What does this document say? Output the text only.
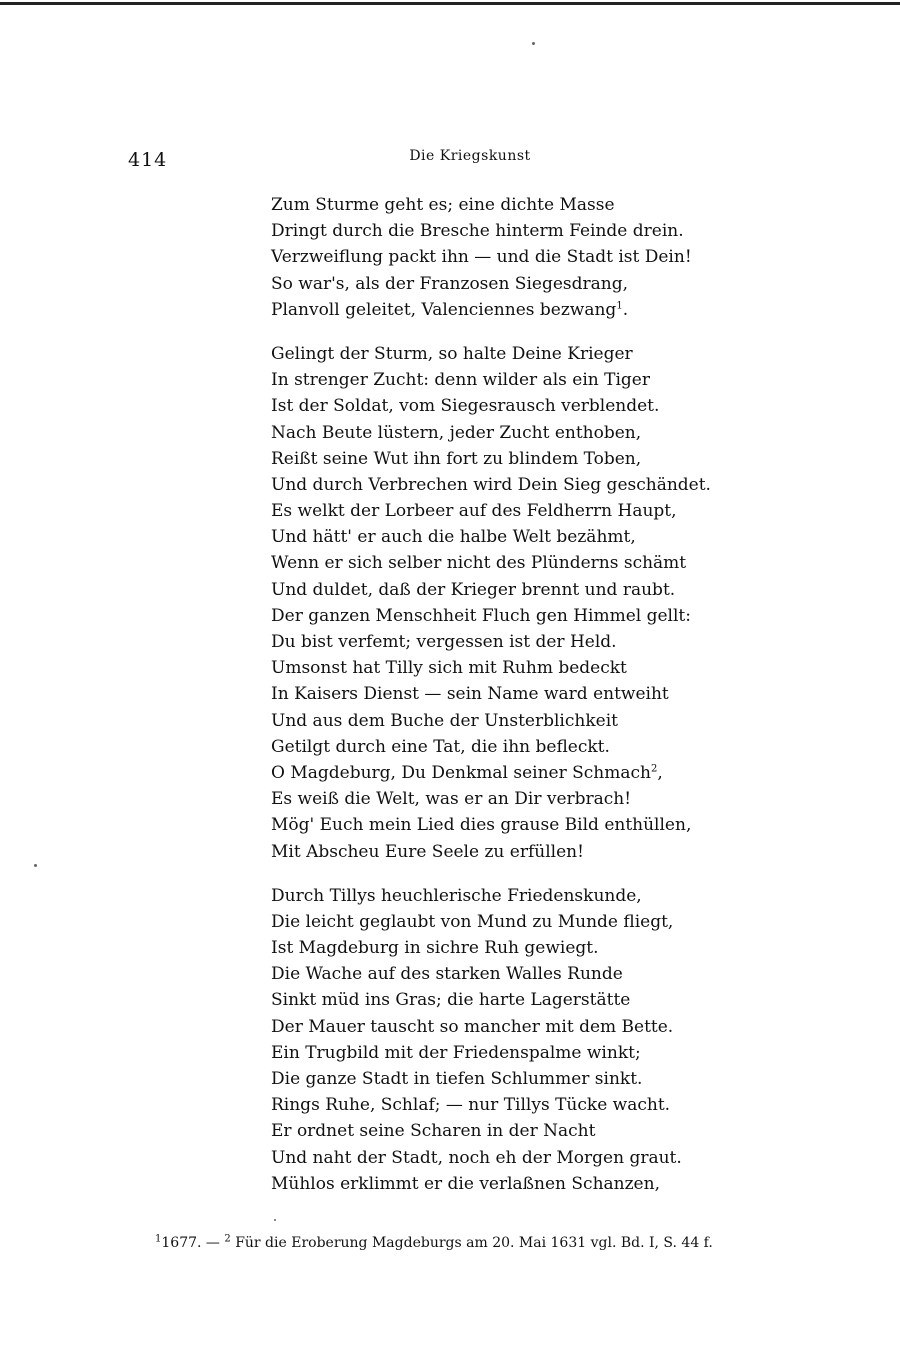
414	Die Kriegskunst
Zum Sturme geht es; eine dichte Masse
Dringt durch die Bresche hinterm Feinde drein.
Verzweiflung packt ihn — und die Stadt ist Dein!
So war's, als der Franzosen Siegesdrang,
Planvoll geleitet, Valenciennes bezwang$^1$.
Gelingt der Sturm, so halte Deine Krieger
In strenger Zucht: denn wilder als ein Tiger
Ist der Soldat, vom Siegesrausch verblendet.
Nach Beute lüstern, jeder Zucht enthoben,
Reißt seine Wut ihn fort zu blindem Toben,
Und durch Verbrechen wird Dein Sieg geschändet.
Es welkt der Lorbeer auf des Feldherrn Haupt,
Und hätt' er auch die halbe Welt bezähmt,
Wenn er sich selber nicht des Plünderns schämt
Und duldet, daß der Krieger brennt und raubt.
Der ganzen Menschheit Fluch gen Himmel gellt:
Du bist verfemt; vergessen ist der Held.
Umsonst hat Tilly sich mit Ruhm bedeckt
In Kaisers Dienst — sein Name ward entweiht
Und aus dem Buche der Unsterblichkeit
Getilgt durch eine Tat, die ihn befleckt.
O Magdeburg, Du Denkmal seiner Schmach$^2$,
Es weiß die Welt, was er an Dir verbrach!
Mög' Euch mein Lied dies grause Bild enthüllen,
Mit Abscheu Eure Seele zu erfüllen!
Durch Tillys heuchlerische Friedenskunde,
Die leicht geglaubt von Mund zu Munde fliegt,
Ist Magdeburg in sichre Ruh gewiegt.
Die Wache auf des starken Walles Runde
Sinkt müd ins Gras; die harte Lagerstätte
Der Mauer tauscht so mancher mit dem Bette.
Ein Trugbild mit der Friedenspalme winkt;
Die ganze Stadt in tiefen Schlummer sinkt.
Rings Ruhe, Schlaf; — nur Tillys Tücke wacht.
Er ordnet seine Scharen in der Nacht
Und naht der Stadt, noch eh der Morgen graut.
Mühlos erklimmt er die verlaßnen Schanzen,
$^1$1677. — $^2$ Für die Eroberung Magdeburgs am 20. Mai 1631 vgl. Bd. I, S. 44 f.
